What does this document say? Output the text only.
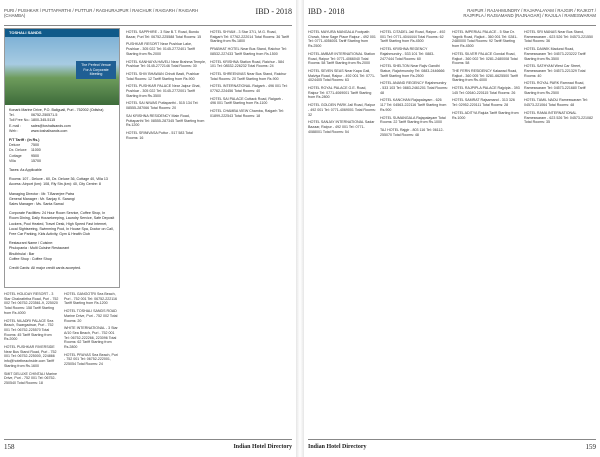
PURI / PUSHKAR / PUTTAPARTHI / PUTTUR / RAGHURAJPUR / RAICHUR / RAIGARH / RAIGARH (CHAMBA)	IBD - 2018
TOSHALI SANDS
The Perfect Venue For A Corporate Meeting
Konark Marine Drive, P.O. Baliguali, Puri - 752002 (Odisha)
Tel.	06752-250571-5
Toll Free No.: 1800-345-5115
E-mail :	sales@toshalisands.com
Web :	www.toshalisands.com
F/T Tariff : (in Rs.)
Deluxe	7500
Dx. Deluxe	11000
Cottage	9500
Villa	15700
Taxes: As Applicable
Rooms: 107 - Deluxe - 60, Dx. Deluxe 36, Cottage 40, Villa 13
Access: Airport (km): 108, Rly Stn.(km): 40, City Centre: 8
Managing Director : Mr. T.Banerjee Patra
General Manager : Mr. Sanjay K. Sarangi
Sales Manager : Ms. Santa Samal
Corporate Facilities: 24 Hour Room Service, Coffee Shop, In Room Dining, Daily Housekeeping, Laundry Service, Safe Deposit Lockers, Pool Heated, Travel Desk, High Speed Fast Internet, Local Sightseeing, Swimming Pool, In House Spa, Doctor on Call, Free Car Parking, Kids Activity, Gym & Health Club
Restaurant Name / Cuisine:
Phulopania : Multi Cuisine Restaurant
Bhulbhulai : Bar
Coffee Shop : Coffee Shop
Credit Cards: All major credit cards accepted.
HOTEL HOLIDAY RESORT - 3 Star Chakratirtha Road, Puri - 752 002 Tel: 06752-223561-9, 225020 Total Rooms: 158 Tariff Starting from Rs.4000
HOTEL NILADRI PALACE Sea Beach, Swargadwar, Puri - 752 001 Tel: 06752-225570 Total Rooms: 45 Tariff Starting from Rs.2000
HOTEL PUSHKAR RIVERSIDE Near Bus Stand Road, Puri - 752 001 Tel: 06752-225000, 224866 info@hotelbeachside.com Tariff Starting from Rs.1600
SMIT DELUXE CHINTALI Marine Drive, Puri - 752 001 Tel: 06752-250540 Total Rooms: 18
HOTEL GANGOTRI Sea Beach, Puri - 752 001 Tel: 06752-222116 Tariff Starting from Rs.1200
HOTEL TOSHALI SANDS ROAD Marine Drive, Puri - 752 002 Total Rooms: 20
WHITE INTERNATIONAL - 3 Star A/10 Sea Beach, Puri - 752 001 Tel: 06752-222266, 223096 Total Rooms: 62 Tariff Starting from Rs.2800
HOTEL PRAYAS Sea Beach, Puri - 752 001 Tel: 06752-222001, 225054 Total Rooms: 24
HOTEL SAPPHIRE - 3 Star B.T. Road, Bundu Bazar, Puri Tel: 06752-225588 Total Rooms: 15
PUSHKAR RESORT Near Pushkar Lake, Pushkar - 305 022 Tel: 0145-2772401 Tariff Starting from Rs.2000
HOTEL KANHAIYA HAVELI Near Brahma Temple, Pushkar Tel: 0145-2772146 Total Rooms: 30
HOTEL SHIV BHAWAN Chhoti Basti, Pushkar Total Rooms: 12 Tariff Starting from Rs.900
HOTEL PUSHKAR PALACE Near Jaipur Ghat, Pushkar - 305 022 Tel: 0145-2772001 Tariff Starting from Rs.3500
HOTEL SAI NIWAS Puttaparthi - 515 134 Tel: 08555-287066 Total Rooms: 20
SAI KRISHNA RESIDENCY Main Road, Puttaparthi Tel: 08555-287345 Tariff Starting from Rs.1200
HOTEL SRINIVASA Puttur - 517 583 Total Rooms: 16
HOTEL SHYAM - 3 Star 37/1, M.G. Road, Raigarh Tel: 07762-222014 Total Rooms: 36 Tariff Starting from Rs.1800
PRABHAT HOTEL Near Bus Stand, Raichur Tel: 08532-227433 Tariff Starting from Rs.1500
HOTEL KRISHNA Station Road, Raichur - 584 101 Tel: 08532-226232 Total Rooms: 24
HOTEL SHREENIVAS Near Bus Stand, Raichur Total Rooms: 20 Tariff Starting from Rs.900
HOTEL INTERNATIONAL Raigarh - 496 001 Tel: 07762-224456 Total Rooms: 40
HOTEL SAI PALACE Cuttack Road, Raigarh - 496 001 Tariff Starting from Rs.1100
HOTEL CHAMBA VIEW Chamba, Raigarh Tel: 01899-222543 Total Rooms: 18
158	Indian Hotel Directory
IBD - 2018	RAIPUR / RAJAHMUNDRY / RAJAPALAYAM / RAJGIR / RAJKOT /
RAJPIPLA / RAJSAMAND (RAJNAGAR) / RAJULA / RAMESWARAM
HOTEL MAYURA MANGALA Footpath Chowk, Near Sage Place Raipur - 492 001 Tel: 0771-4056001 Tariff Starting from Rs.2500
HOTEL AMBAR INTERNATIONAL Station Road, Raipur Tel: 0771-4066040 Total Rooms: 58 Tariff Starting from Rs.2000
HOTEL SEVEN SEAS Near Kapa Gali, Malviya Road, Raipur - 492 001 Tel: 0771-4024405 Total Rooms: 63
HOTEL ROYAL PALACE G.E. Road, Raipur Tel: 0771-4069001 Tariff Starting from Rs.2800
HOTEL GOLDEN PARK Jail Road, Raipur - 492 001 Tel: 0771-4069001 Total Rooms: 32
HOTEL SANJAY INTERNATIONAL Sadar Bazaar, Raipur - 492 001 Tel: 0771-4088001 Total Rooms: 54
HOTEL CITADEL Jail Road, Raipur - 492 001 Tel: 0771-4044444 Total Rooms: 62 Tariff Starting from Rs.4500
HOTEL KRISHNA REGENCY Rajahmundry - 533 101 Tel: 0883-2477444 Total Rooms: 60
HOTEL SHELTON Near Rajiv Gandhi Statue, Rajahmundry Tel: 0883-2446666 Tariff Starting from Rs.2500
HOTEL ANAND REGENCY Rajahmundry - 533 103 Tel: 0883-2461201 Total Rooms: 48
HOTEL KANCHAN Rajapalayam - 626 117 Tel: 04563-222116 Tariff Starting from Rs.900
HOTEL SUMANGALA Rajapalayam Total Rooms: 22 Tariff Starting from Rs.1000
TAJ HOTEL Rajgir - 803 116 Tel: 06112-255070 Total Rooms: 48
HOTEL IMPERIAL PALACE - 5 Star Dr. Yagnik Road, Rajkot - 360 001 Tel: 0281-2480000 Total Rooms: 92 Tariff Starting from Rs.4500
HOTEL SILVER PALACE Gondal Road, Rajkot - 360 002 Tel: 0281-2480008 Total Rooms: 58
THE FERN RESIDENCY Kalawad Road, Rajkot - 360 005 Tel: 0281-6625500 Tariff Starting from Rs.4000
HOTEL RAJPIPLA PALACE Rajpipla - 393 145 Tel: 02640-220115 Total Rooms: 26
HOTEL SAMRAT Rajsamand - 313 326 Tel: 02952-220111 Total Rooms: 28
HOTEL ADITYA Rajula Tariff Starting from Rs.1000
HOTEL SRI MANAS Near Bus Stand, Rameswaram - 623 526 Tel: 04573-221550 Total Rooms: 36
HOTEL DAIWIK Madurai Road, Rameswaram Tel: 04573-223222 Tariff Starting from Rs.3500
HOTEL SATHYAM West Car Street, Rameswaram Tel: 04573-221329 Total Rooms: 40
HOTEL ROYAL PARK Ramnad Road, Rameswaram Tel: 04573-221680 Tariff Starting from Rs.2500
HOTEL TAMIL NADU Rameswaram Tel: 04573-221064 Total Rooms: 48
HOTEL RAMA INTERNATIONAL Rameswaram - 623 526 Tel: 04573-221082 Total Rooms: 35
Indian Hotel Directory	159
